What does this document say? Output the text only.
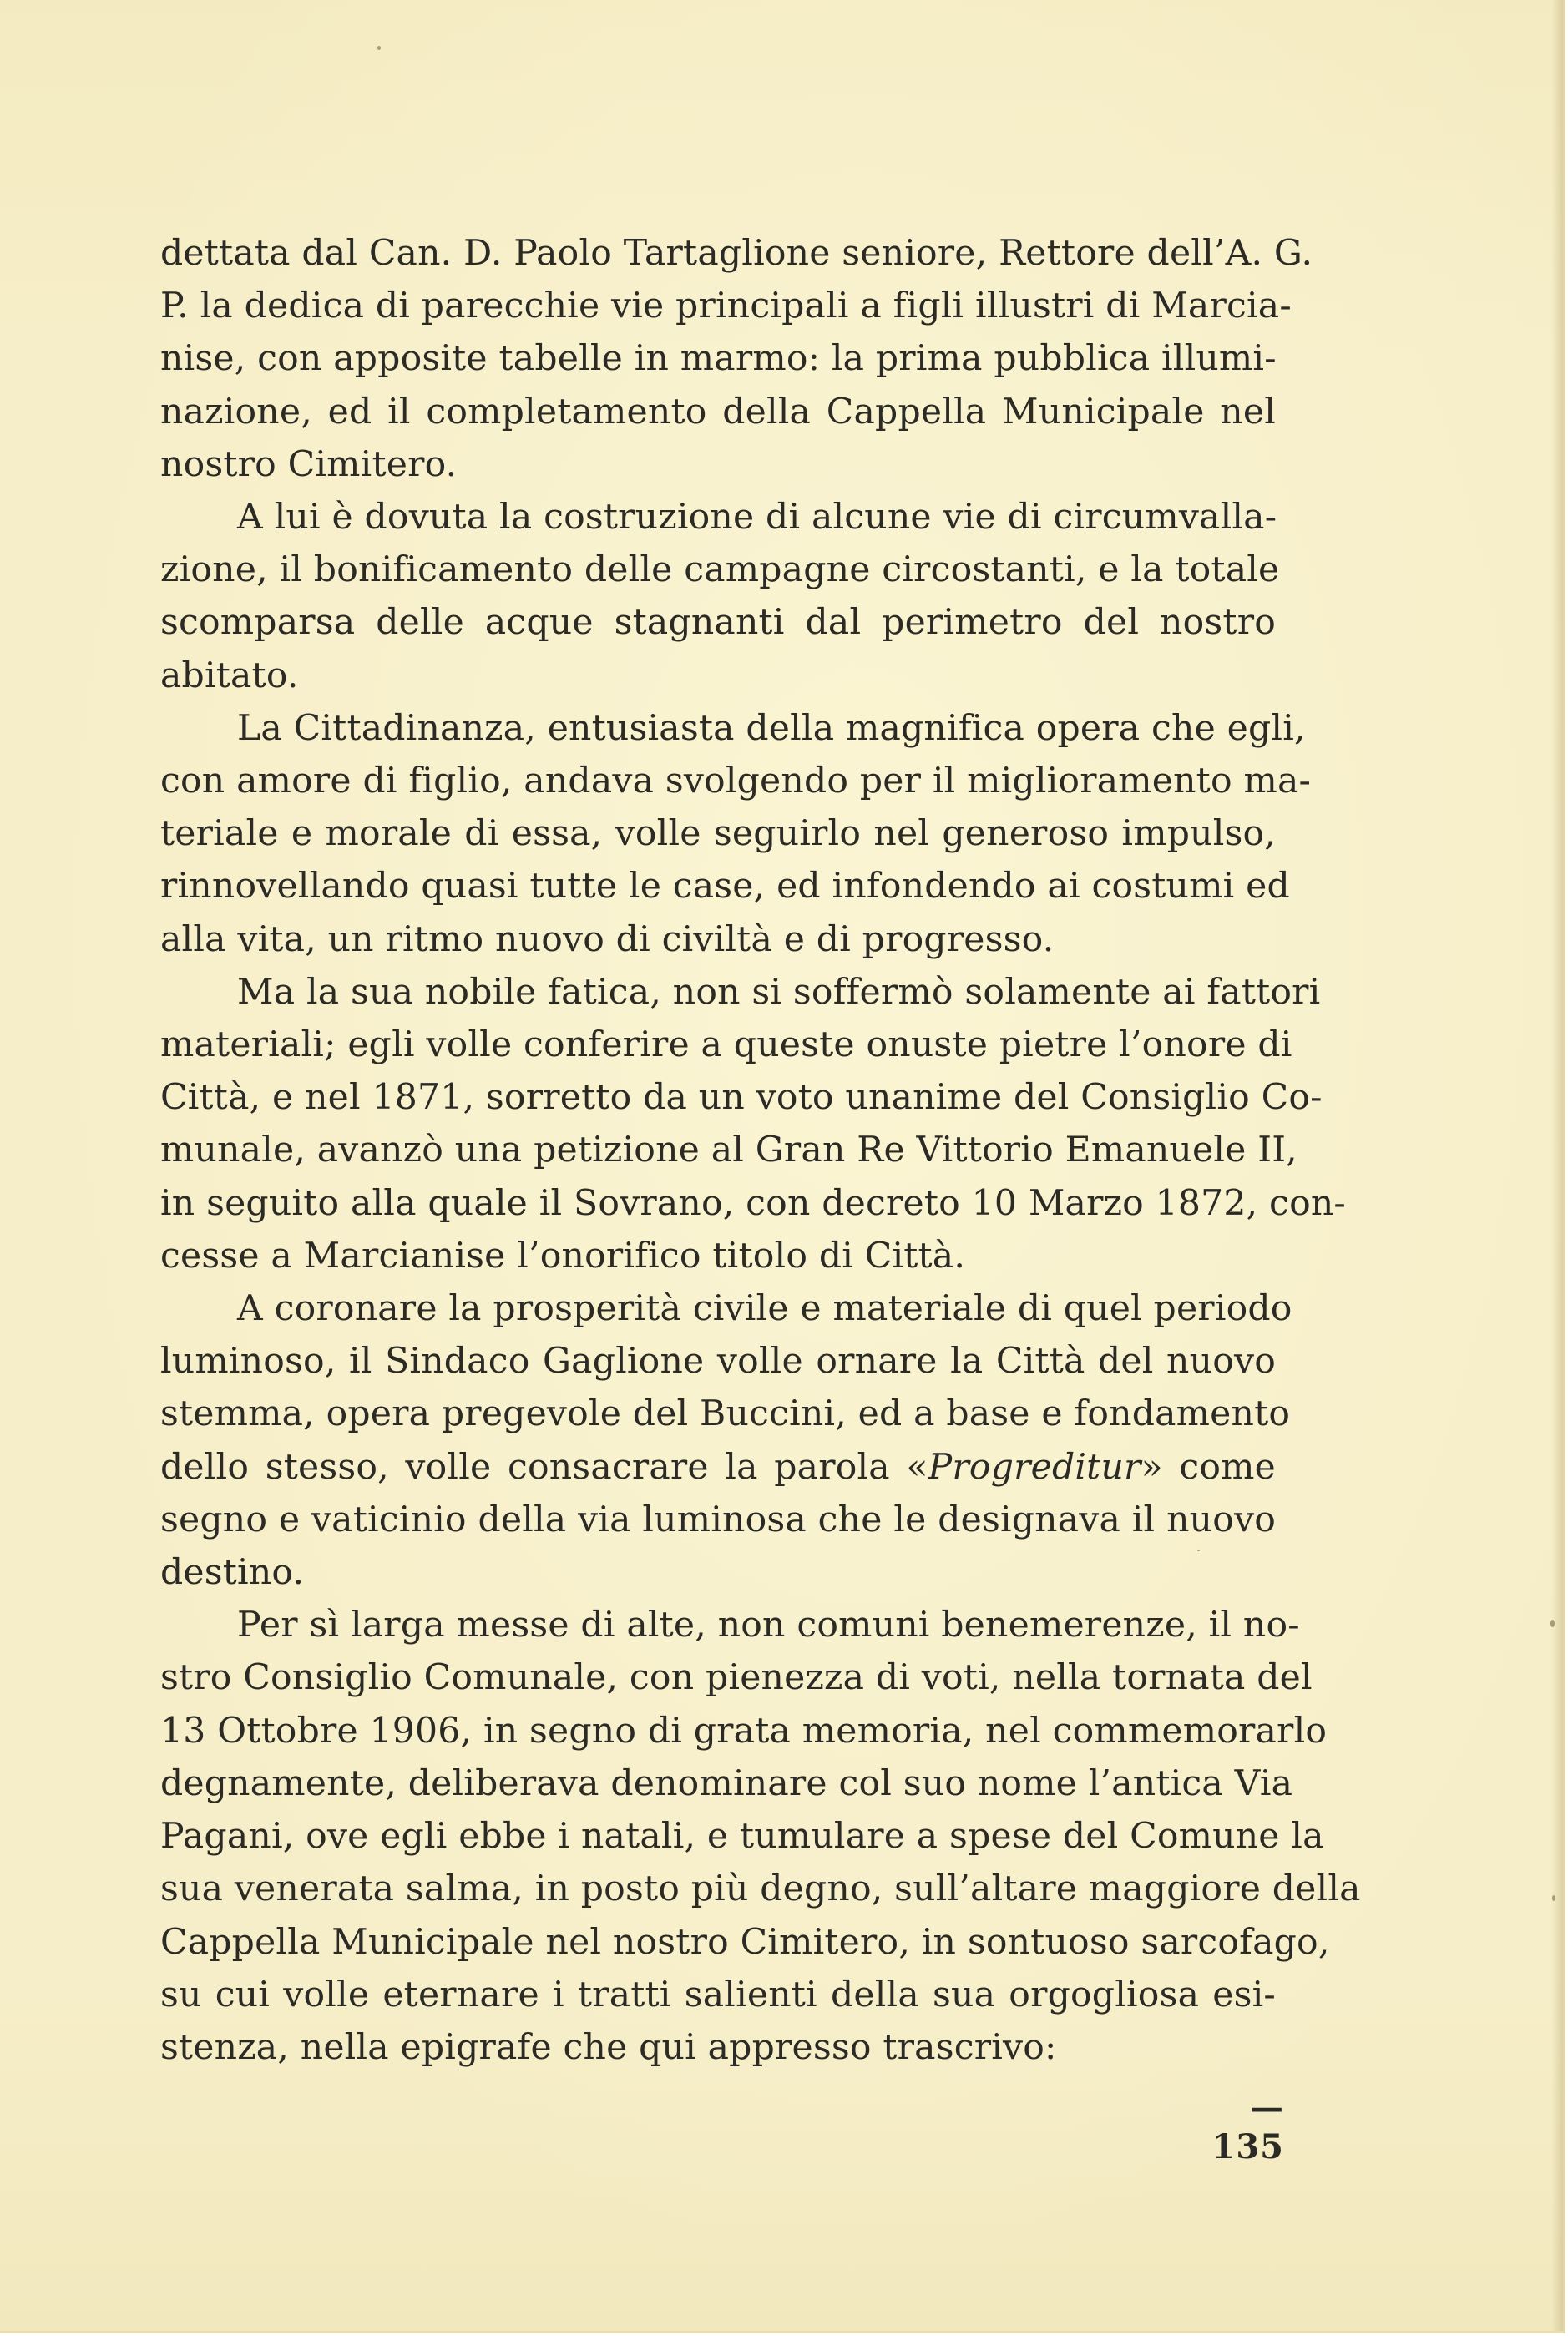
dettata dal Can. D. Paolo Tartaglione seniore, Rettore dell’A. G.
P. la dedica di parecchie vie principali a figli illustri di Marcia-
nise, con apposite tabelle in marmo: la prima pubblica illumi-
nazione, ed il completamento della Cappella Municipale nel
nostro Cimitero.

A lui è dovuta la costruzione di alcune vie di circumvalla-
zione, il bonificamento delle campagne circostanti, e la totale
scomparsa delle acque stagnanti dal perimetro del nostro
abitato.

La Cittadinanza, entusiasta della magnifica opera che egli,
con amore di figlio, andava svolgendo per il miglioramento ma-
teriale e morale di essa, volle seguirlo nel generoso impulso,
rinnovellando quasi tutte le case, ed infondendo ai costumi ed
alla vita, un ritmo nuovo di civiltà e di progresso.

Ma la sua nobile fatica, non si soffermò solamente ai fattori
materiali; egli volle conferire a queste onuste pietre l’onore di
Città, e nel 1871, sorretto da un voto unanime del Consiglio Co-
munale, avanzò una petizione al Gran Re Vittorio Emanuele II,
in seguito alla quale il Sovrano, con decreto 10 Marzo 1872, con-
cesse a Marcianise l’onorifico titolo di Città.

A coronare la prosperità civile e materiale di quel periodo
luminoso, il Sindaco Gaglione volle ornare la Città del nuovo
stemma, opera pregevole del Buccini, ed a base e fondamento
dello stesso, volle consacrare la parola «Progreditur» come
segno e vaticinio della via luminosa che le designava il nuovo
destino.

Per sì larga messe di alte, non comuni benemerenze, il no-
stro Consiglio Comunale, con pienezza di voti, nella tornata del
13 Ottobre 1906, in segno di grata memoria, nel commemorarlo
degnamente, deliberava denominare col suo nome l’antica Via
Pagani, ove egli ebbe i natali, e tumulare a spese del Comune la
sua venerata salma, in posto più degno, sull’altare maggiore della
Cappella Municipale nel nostro Cimitero, in sontuoso sarcofago,
su cui volle eternare i tratti salienti della sua orgogliosa esi-
stenza, nella epigrafe che qui appresso trascrivo:

— 135
